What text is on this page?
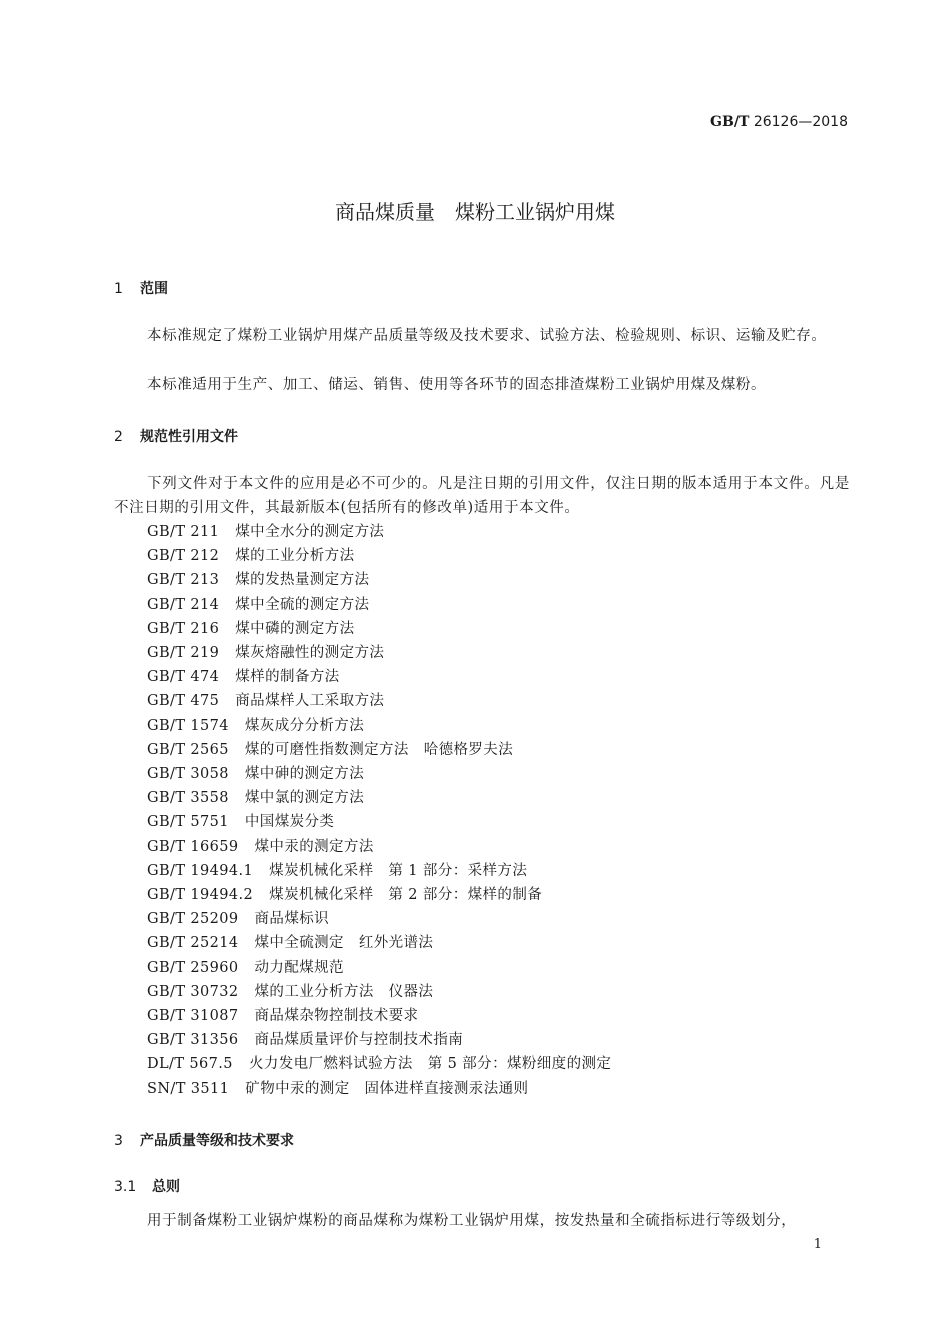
GB/T 26126—2018
商品煤质量　煤粉工业锅炉用煤
1 范围
本标准规定了煤粉工业锅炉用煤产品质量等级及技术要求、试验方法、检验规则、标识、运输及贮存。
本标准适用于生产、加工、储运、销售、使用等各环节的固态排渣煤粉工业锅炉用煤及煤粉。
2 规范性引用文件
下列文件对于本文件的应用是必不可少的。凡是注日期的引用文件，仅注日期的版本适用于本文件。凡是不注日期的引用文件，其最新版本(包括所有的修改单)适用于本文件。
GB/T 211 煤中全水分的测定方法
GB/T 212 煤的工业分析方法
GB/T 213 煤的发热量测定方法
GB/T 214 煤中全硫的测定方法
GB/T 216 煤中磷的测定方法
GB/T 219 煤灰熔融性的测定方法
GB/T 474 煤样的制备方法
GB/T 475 商品煤样人工采取方法
GB/T 1574 煤灰成分分析方法
GB/T 2565 煤的可磨性指数测定方法　哈德格罗夫法
GB/T 3058 煤中砷的测定方法
GB/T 3558 煤中氯的测定方法
GB/T 5751 中国煤炭分类
GB/T 16659 煤中汞的测定方法
GB/T 19494.1 煤炭机械化采样　第 1 部分：采样方法
GB/T 19494.2 煤炭机械化采样　第 2 部分：煤样的制备
GB/T 25209 商品煤标识
GB/T 25214 煤中全硫测定　红外光谱法
GB/T 25960 动力配煤规范
GB/T 30732 煤的工业分析方法　仪器法
GB/T 31087 商品煤杂物控制技术要求
GB/T 31356 商品煤质量评价与控制技术指南
DL/T 567.5 火力发电厂燃料试验方法　第 5 部分：煤粉细度的测定
SN/T 3511 矿物中汞的测定　固体进样直接测汞法通则
3 产品质量等级和技术要求
3.1 总则
用于制备煤粉工业锅炉煤粉的商品煤称为煤粉工业锅炉用煤，按发热量和全硫指标进行等级划分，
1
